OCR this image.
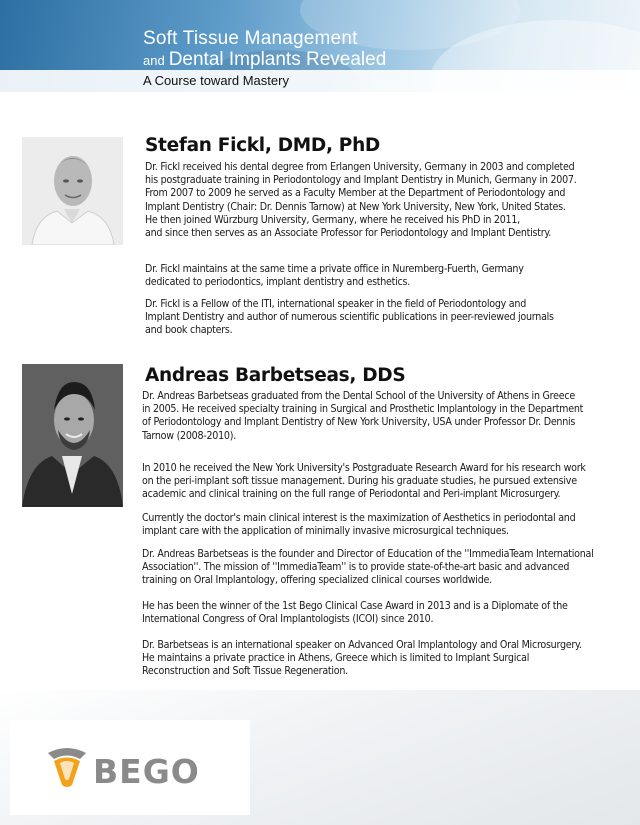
Soft Tissue Management
and Dental Implants Revealed
A Course toward Mastery
Stefan Fickl, DMD, PhD

Dr. Fickl received his dental degree from Erlangen University, Germany in 2003 and completed
his postgraduate training in Periodontology and Implant Dentistry in Munich, Germany in 2007.
From 2007 to 2009 he served as a Faculty Member at the Department of Periodontology and
Implant Dentistry (Chair: Dr. Dennis Tarnow) at New York University, New York, United States.
He then joined Würzburg University, Germany, where he received his PhD in 2011,
and since then serves as an Associate Professor for Periodontology and Implant Dentistry.

Dr. Fickl maintains at the same time a private office in Nuremberg-Fuerth, Germany
dedicated to periodontics, implant dentistry and esthetics.

Dr. Fickl is a Fellow of the ITI, international speaker in the field of Periodontology and
Implant Dentistry and author of numerous scientific publications in peer-reviewed journals
and book chapters.

Andreas Barbetseas, DDS

Dr. Andreas Barbetseas graduated from the Dental School of the University of Athens in Greece
in 2005. He received specialty training in Surgical and Prosthetic Implantology in the Department
of Periodontology and Implant Dentistry of New York University, USA under Professor Dr. Dennis
Tarnow (2008-2010).

In 2010 he received the New York University's Postgraduate Research Award for his research work
on the peri-implant soft tissue management. During his graduate studies, he pursued extensive
academic and clinical training on the full range of Periodontal and Peri-implant Microsurgery.

Currently the doctor's main clinical interest is the maximization of Aesthetics in periodontal and
implant care with the application of minimally invasive microsurgical techniques.

Dr. Andreas Barbetseas is the founder and Director of Education of the ''ImmediaTeam International
Association''. The mission of ''ImmediaTeam'' is to provide state-of-the-art basic and advanced
training on Oral Implantology, offering specialized clinical courses worldwide.

He has been the winner of the 1st Bego Clinical Case Award in 2013 and is a Diplomate of the
International Congress of Oral Implantologists (ICOI) since 2010.

Dr. Barbetseas is an international speaker on Advanced Oral Implantology and Oral Microsurgery.
He maintains a private practice in Athens, Greece which is limited to Implant Surgical
Reconstruction and Soft Tissue Regeneration.

BEGO
